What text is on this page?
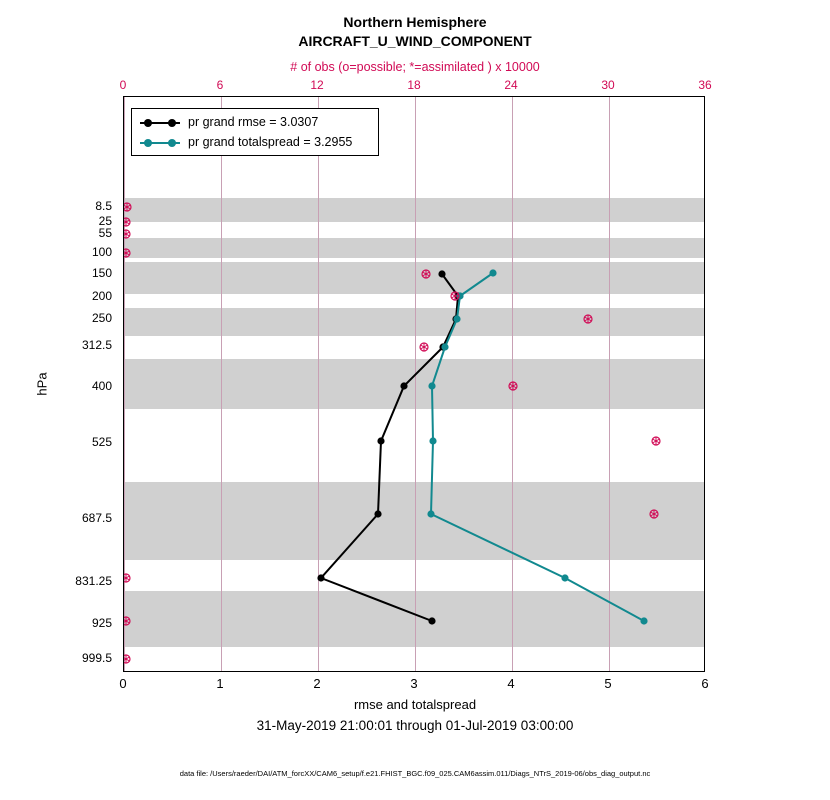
Northern Hemisphere
AIRCRAFT_U_WIND_COMPONENT
# of obs (o=possible; *=assimilated ) x 10000
0	6	12	18	24	30	36
8.5
25
55
100
150
200
250
312.5
400
525
687.5
831.25
925
999.5
hPa
pr grand rmse = 3.0307
pr grand totalspread = 3.2955
0	1	2	3	4	5	6
rmse and totalspread
31-May-2019 21:00:01 through 01-Jul-2019 03:00:00
data file: /Users/raeder/DAI/ATM_forcXX/CAM6_setup/f.e21.FHIST_BGC.f09_025.CAM6assim.011/Diags_NTrS_2019-06/obs_diag_output.nc
